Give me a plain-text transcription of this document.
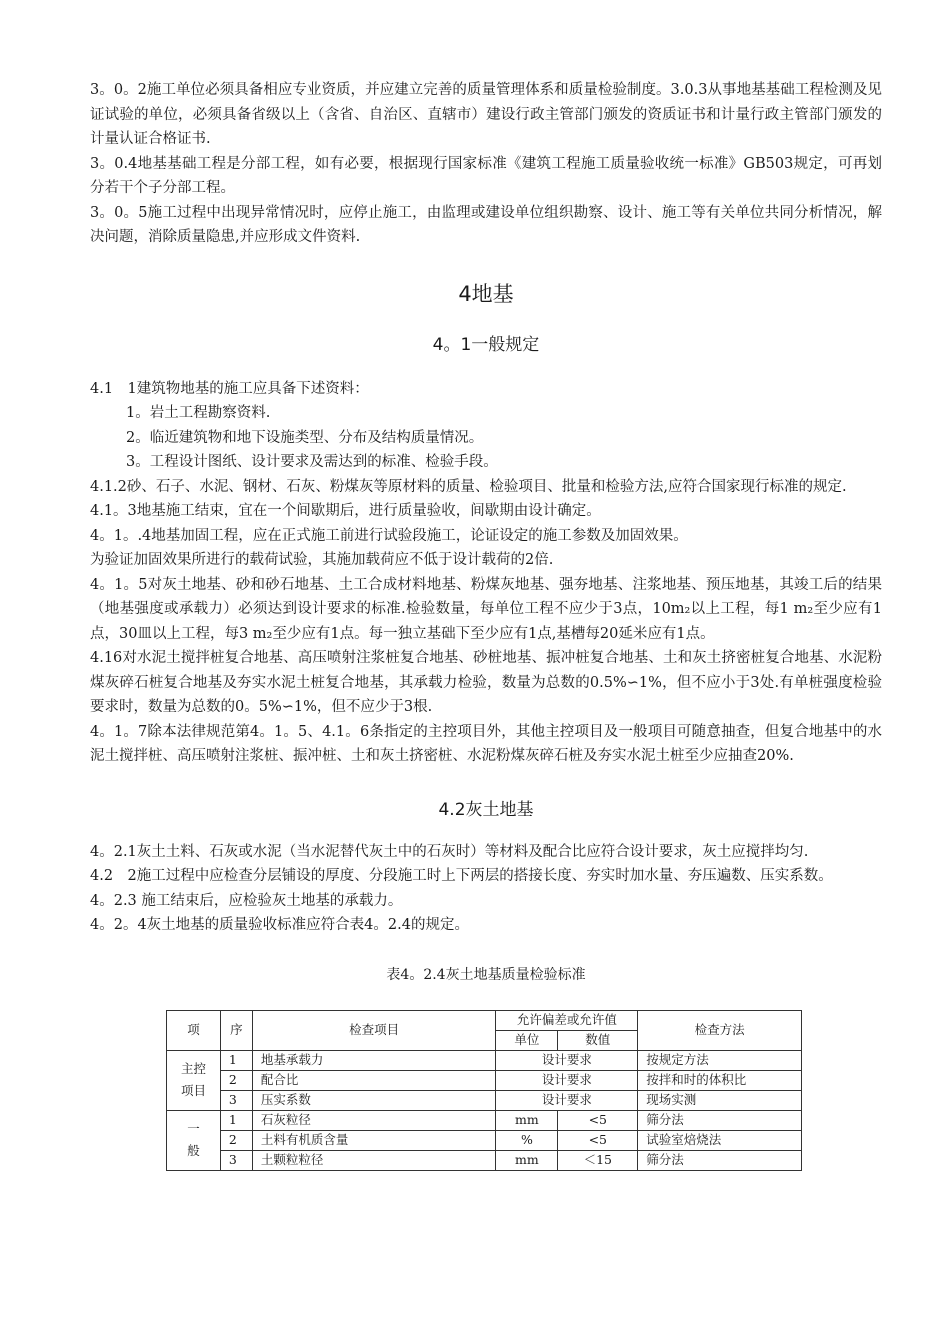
3。0。2施工单位必须具备相应专业资质，并应建立完善的质量管理体系和质量检验制度。3.0.3从事地基基础工程检测及见证试验的单位，必须具备省级以上（含省、自治区、直辖市）建设行政主管部门颁发的资质证书和计量行政主管部门颁发的计量认证合格证书.

3。0.4地基基础工程是分部工程，如有必要，根据现行国家标准《建筑工程施工质量验收统一标准》GB503规定，可再划分若干个子分部工程。

3。0。5施工过程中出现异常情况时，应停止施工，由监理或建设单位组织勘察、设计、施工等有关单位共同分析情况，解决问题，消除质量隐患,并应形成文件资料.

4地基
4。1一般规定

4.1　1建筑物地基的施工应具备下述资料：

1。岩土工程勘察资料.

2。临近建筑物和地下设施类型、分布及结构质量情况。

3。工程设计图纸、设计要求及需达到的标准、检验手段。

4.1.2砂、石子、水泥、钢材、石灰、粉煤灰等原材料的质量、检验项目、批量和检验方法,应符合国家现行标准的规定.

4.1。3地基施工结束，宜在一个间歇期后，进行质量验收，间歇期由设计确定。

4。1。.4地基加固工程，应在正式施工前进行试验段施工，论证设定的施工参数及加固效果。

为验证加固效果所进行的载荷试验，其施加载荷应不低于设计载荷的2倍.

4。1。5对灰土地基、砂和砂石地基、土工合成材料地基、粉煤灰地基、强夯地基、注浆地基、预压地基，其竣工后的结果（地基强度或承载力）必须达到设计要求的标准.检验数量，每单位工程不应少于3点，10m₂以上工程，每1 m₂至少应有1点，30皿以上工程，每3 m₂至少应有1点。每一独立基础下至少应有1点,基槽每20延米应有1点。

4.16对水泥土搅拌桩复合地基、高压喷射注浆桩复合地基、砂桩地基、振冲桩复合地基、土和灰土挤密桩复合地基、水泥粉煤灰碎石桩复合地基及夯实水泥土桩复合地基，其承载力检验，数量为总数的0.5%∽1%，但不应小于3处.有单桩强度检验要求时，数量为总数的0。5%∽1%，但不应少于3根.

4。1。7除本法律规范第4。1。5、4.1。6条指定的主控项目外，其他主控项目及一般项目可随意抽查，但复合地基中的水泥土搅拌桩、高压喷射注浆桩、振冲桩、土和灰土挤密桩、水泥粉煤灰碎石桩及夯实水泥土桩至少应抽查20%.

4.2灰土地基

4。2.1灰土土料、石灰或水泥（当水泥替代灰土中的石灰时）等材料及配合比应符合设计要求，灰土应搅拌均匀.

4.2　2施工过程中应检查分层铺设的厚度、分段施工时上下两层的搭接长度、夯实时加水量、夯压遍数、压实系数。

4。2.3 施工结束后，应检验灰土地基的承载力。

4。2。4灰土地基的质量验收标准应符合表4。2.4的规定。

表4。2.4灰土地基质量检验标准
项	序	检查项目	允许偏差或允许值		检查方法
			单位	数值	

主控
项目	1	地基承载力	设计要求		按规定方法
	2	配合比	设计要求		按拌和时的体积比
	3	压实系数	设计要求		现场实测

一
般	1	石灰粒径	mm	<5	筛分法
	2	土料有机质含量	%	<5	试验室焙烧法
	3	土颗粒粒径	mm	＜15	筛分法
